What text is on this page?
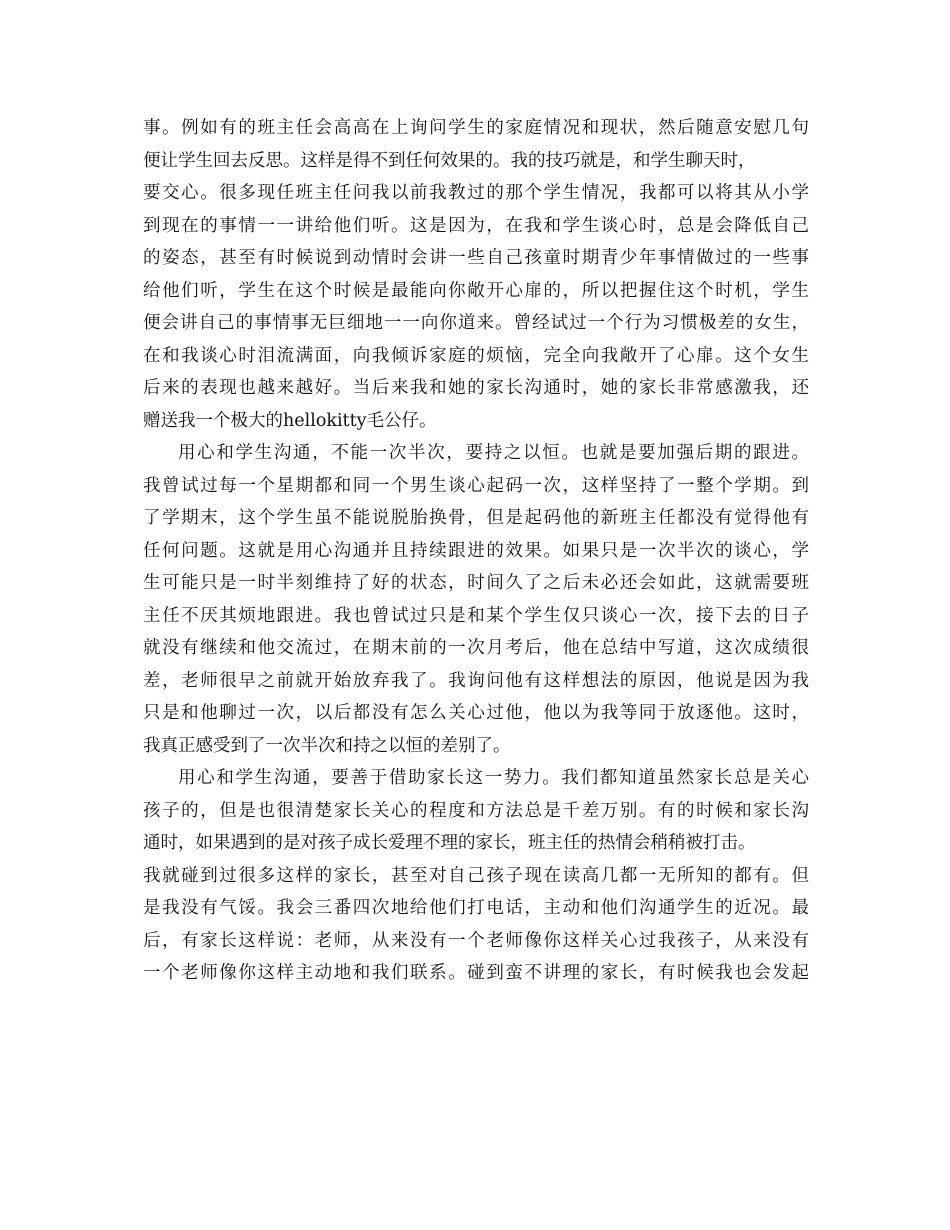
事。例如有的班主任会高高在上询问学生的家庭情况和现状，然后随意安慰几句
便让学生回去反思。这样是得不到任何效果的。我的技巧就是，和学生聊天时，
要交心。很多现任班主任问我以前我教过的那个学生情况，我都可以将其从小学
到现在的事情一一讲给他们听。这是因为，在我和学生谈心时，总是会降低自己
的姿态，甚至有时候说到动情时会讲一些自己孩童时期青少年事情做过的一些事
给他们听，学生在这个时候是最能向你敞开心扉的，所以把握住这个时机，学生
便会讲自己的事情事无巨细地一一向你道来。曾经试过一个行为习惯极差的女生，
在和我谈心时泪流满面，向我倾诉家庭的烦恼，完全向我敞开了心扉。这个女生
后来的表现也越来越好。当后来我和她的家长沟通时，她的家长非常感激我，还
赠送我一个极大的hellokitty毛公仔。
用心和学生沟通，不能一次半次，要持之以恒。也就是要加强后期的跟进。
我曾试过每一个星期都和同一个男生谈心起码一次，这样坚持了一整个学期。到
了学期末，这个学生虽不能说脱胎换骨，但是起码他的新班主任都没有觉得他有
任何问题。这就是用心沟通并且持续跟进的效果。如果只是一次半次的谈心，学
生可能只是一时半刻维持了好的状态，时间久了之后未必还会如此，这就需要班
主任不厌其烦地跟进。我也曾试过只是和某个学生仅只谈心一次，接下去的日子
就没有继续和他交流过，在期末前的一次月考后，他在总结中写道，这次成绩很
差，老师很早之前就开始放弃我了。我询问他有这样想法的原因，他说是因为我
只是和他聊过一次，以后都没有怎么关心过他，他以为我等同于放逐他。这时，
我真正感受到了一次半次和持之以恒的差别了。
用心和学生沟通，要善于借助家长这一势力。我们都知道虽然家长总是关心
孩子的，但是也很清楚家长关心的程度和方法总是千差万别。有的时候和家长沟
通时，如果遇到的是对孩子成长爱理不理的家长，班主任的热情会稍稍被打击。
我就碰到过很多这样的家长，甚至对自己孩子现在读高几都一无所知的都有。但
是我没有气馁。我会三番四次地给他们打电话，主动和他们沟通学生的近况。最
后，有家长这样说：老师，从来没有一个老师像你这样关心过我孩子，从来没有
一个老师像你这样主动地和我们联系。碰到蛮不讲理的家长，有时候我也会发起
